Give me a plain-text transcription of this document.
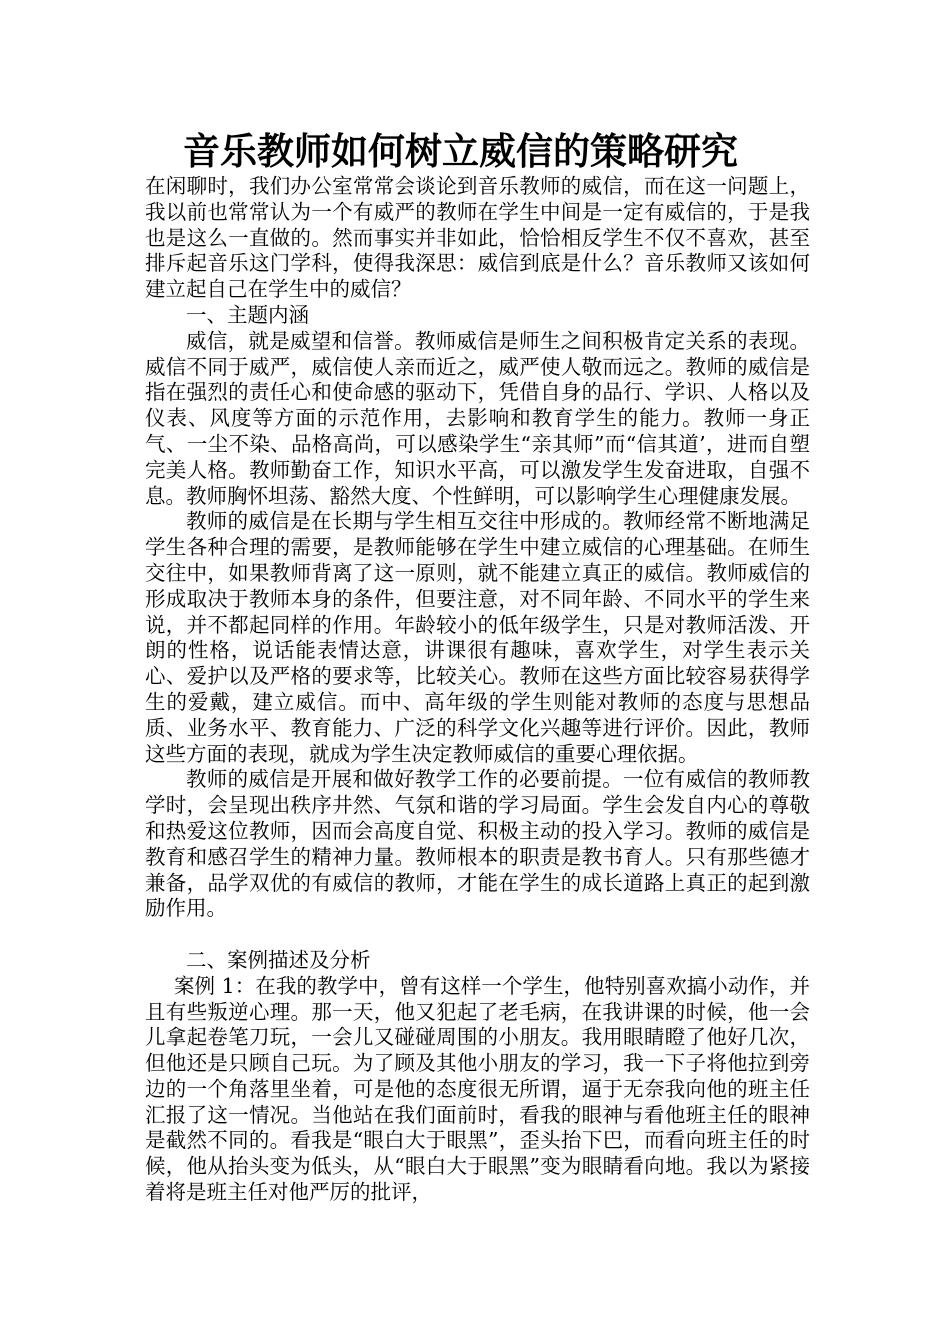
音乐教师如何树立威信的策略研究

在闲聊时，我们办公室常常会谈论到音乐教师的威信，而在这一问题上，我以前也常常认为一个有威严的教师在学生中间是一定有威信的，于是我也是这么一直做的。然而事实并非如此，恰恰相反学生不仅不喜欢，甚至排斥起音乐这门学科，使得我深思：威信到底是什么？音乐教师又该如何建立起自己在学生中的威信？

一、主题内涵

威信，就是威望和信誉。教师威信是师生之间积极肯定关系的表现。威信不同于威严，威信使人亲而近之，威严使人敬而远之。教师的威信是指在强烈的责任心和使命感的驱动下，凭借自身的品行、学识、人格以及仪表、风度等方面的示范作用，去影响和教育学生的能力。教师一身正气、一尘不染、品格高尚，可以感染学生“亲其师”而“信其道’，进而自塑完美人格。教师勤奋工作，知识水平高，可以激发学生发奋进取，自强不息。教师胸怀坦荡、豁然大度、个性鲜明，可以影响学生心理健康发展。

教师的威信是在长期与学生相互交往中形成的。教师经常不断地满足学生各种合理的需要，是教师能够在学生中建立威信的心理基础。在师生交往中，如果教师背离了这一原则，就不能建立真正的威信。教师威信的形成取决于教师本身的条件，但要注意，对不同年龄、不同水平的学生来说，并不都起同样的作用。年龄较小的低年级学生，只是对教师活泼、开朗的性格，说话能表情达意，讲课很有趣味，喜欢学生，对学生表示关心、爱护以及严格的要求等，比较关心。教师在这些方面比较容易获得学生的爱戴，建立威信。而中、高年级的学生则能对教师的态度与思想品质、业务水平、教育能力、广泛的科学文化兴趣等进行评价。因此，教师这些方面的表现，就成为学生决定教师威信的重要心理依据。

教师的威信是开展和做好教学工作的必要前提。一位有威信的教师教学时，会呈现出秩序井然、气氛和谐的学习局面。学生会发自内心的尊敬和热爱这位教师，因而会高度自觉、积极主动的投入学习。教师的威信是教育和感召学生的精神力量。教师根本的职责是教书育人。只有那些德才兼备，品学双优的有威信的教师，才能在学生的成长道路上真正的起到激励作用。

二、案例描述及分析

案例 1：在我的教学中，曾有这样一个学生，他特别喜欢搞小动作，并且有些叛逆心理。那一天，他又犯起了老毛病，在我讲课的时候，他一会儿拿起卷笔刀玩，一会儿又碰碰周围的小朋友。我用眼睛瞪了他好几次，但他还是只顾自己玩。为了顾及其他小朋友的学习，我一下子将他拉到旁边的一个角落里坐着，可是他的态度很无所谓，逼于无奈我向他的班主任汇报了这一情况。当他站在我们面前时，看我的眼神与看他班主任的眼神是截然不同的。看我是“眼白大于眼黑”，歪头抬下巴，而看向班主任的时候，他从抬头变为低头，从“眼白大于眼黑”变为眼睛看向地。我以为紧接着将是班主任对他严厉的批评，
